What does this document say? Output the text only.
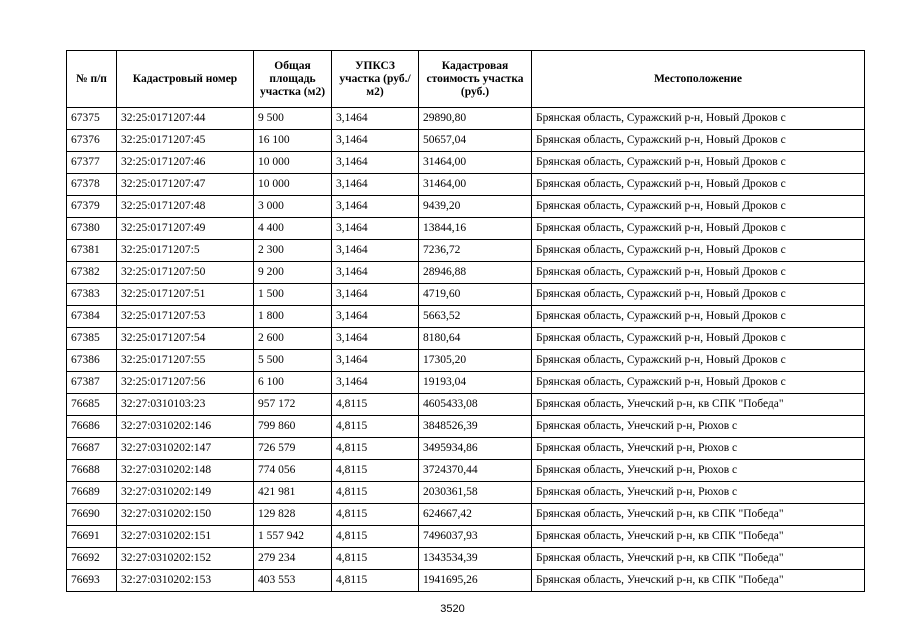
№ п/п	Кадастровый номер	Общая площадь участка (м2)	УПКСЗ участка (руб./м2)	Кадастровая стоимость участка (руб.)	Местоположение
67375	32:25:0171207:44	9 500	3,1464	29890,80	Брянская область, Суражский р-н, Новый Дроков с
67376	32:25:0171207:45	16 100	3,1464	50657,04	Брянская область, Суражский р-н, Новый Дроков с
67377	32:25:0171207:46	10 000	3,1464	31464,00	Брянская область, Суражский р-н, Новый Дроков с
67378	32:25:0171207:47	10 000	3,1464	31464,00	Брянская область, Суражский р-н, Новый Дроков с
67379	32:25:0171207:48	3 000	3,1464	9439,20	Брянская область, Суражский р-н, Новый Дроков с
67380	32:25:0171207:49	4 400	3,1464	13844,16	Брянская область, Суражский р-н, Новый Дроков с
67381	32:25:0171207:5	2 300	3,1464	7236,72	Брянская область, Суражский р-н, Новый Дроков с
67382	32:25:0171207:50	9 200	3,1464	28946,88	Брянская область, Суражский р-н, Новый Дроков с
67383	32:25:0171207:51	1 500	3,1464	4719,60	Брянская область, Суражский р-н, Новый Дроков с
67384	32:25:0171207:53	1 800	3,1464	5663,52	Брянская область, Суражский р-н, Новый Дроков с
67385	32:25:0171207:54	2 600	3,1464	8180,64	Брянская область, Суражский р-н, Новый Дроков с
67386	32:25:0171207:55	5 500	3,1464	17305,20	Брянская область, Суражский р-н, Новый Дроков с
67387	32:25:0171207:56	6 100	3,1464	19193,04	Брянская область, Суражский р-н, Новый Дроков с
76685	32:27:0310103:23	957 172	4,8115	4605433,08	Брянская область, Унечский р-н, кв СПК "Победа"
76686	32:27:0310202:146	799 860	4,8115	3848526,39	Брянская область, Унечский р-н, Рюхов с
76687	32:27:0310202:147	726 579	4,8115	3495934,86	Брянская область, Унечский р-н, Рюхов с
76688	32:27:0310202:148	774 056	4,8115	3724370,44	Брянская область, Унечский р-н, Рюхов с
76689	32:27:0310202:149	421 981	4,8115	2030361,58	Брянская область, Унечский р-н, Рюхов с
76690	32:27:0310202:150	129 828	4,8115	624667,42	Брянская область, Унечский р-н, кв СПК "Победа"
76691	32:27:0310202:151	1 557 942	4,8115	7496037,93	Брянская область, Унечский р-н, кв СПК "Победа"
76692	32:27:0310202:152	279 234	4,8115	1343534,39	Брянская область, Унечский р-н, кв СПК "Победа"
76693	32:27:0310202:153	403 553	4,8115	1941695,26	Брянская область, Унечский р-н, кв СПК "Победа"
3520
